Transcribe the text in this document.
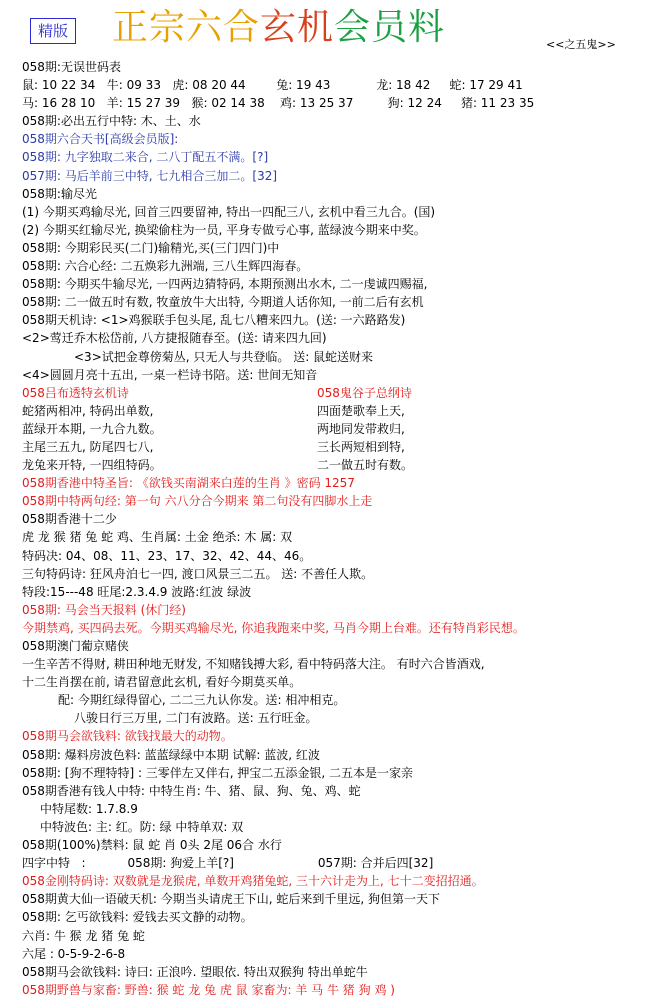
精版 正宗六合玄机会员料	<<之五鬼>>
058期:无误世码表
鼠: 10 22 34   牛: 09 33   虎: 08 20 44        兔: 19 43            龙: 18 42     蛇: 17 29 41
马: 16 28 10   羊: 15 27 39   猴: 02 14 38    鸡: 13 25 37         狗: 12 24     猪: 11 23 35
058期:必出五行中特: 木、土、水
058期六合天书[高级会员版]:
058期: 九字独取二来合, 二八丁配五不满。[?]
057期: 马后羊前三中特, 七九相合三加二。[32]
058期:输尽光
(1) 今期买鸡输尽光, 回首三四要留神, 特出一四配三八, 玄机中看三九合。(国)
(2) 今期买红输尽光, 换梁偷柱为一员, 平身专做亏心事, 蓝绿波今期来中奖。
058期: 今期彩民买(二门)输精光,买(三门四门)中
058期: 六合心经: 二五焕彩九洲端, 三八生辉四海春。
058期: 今期买牛输尽光, 一四两边猜特码, 本期预测出水木, 二一虔诚四赐福,
058期: 二一做五时有数, 牧童放牛大出特, 今期道人话你知, 一前二后有玄机
058期天机诗: <1>鸡猴联手包头尾, 乱七八糟来四九。(送: 一六路路发)
<2>莺迁乔木松岱前, 八方捷报随春至。(送: 请来四九回)
<3>试把金尊傍菊丛, 只无人与共登临。 送: 鼠蛇送财来
<4>圆圆月亮十五出, 一桌一栏诗书陪。送: 世间无知音
058吕布透特玄机诗	058鬼谷子总纲诗
蛇猪两相冲, 特码出单数,	四面楚歌奉上天,
蓝绿开本期, 一九合九数。	两地同发带救归,
主尾三五九, 防尾四七八,	三长两短相到特,
龙兔来开特, 一四组特码。	二一做五时有数。
058期香港中特圣旨: 《欲钱买南湖来白莲的生肖 》密码 1257
058期中特两句经: 第一句 六八分合今期来 第二句没有四脚水上走
058期香港十二少
虎 龙 猴 猪 兔 蛇 鸡、生肖属: 土金 绝杀: 木 属: 双
特码决: 04、08、11、23、17、32、42、44、46。
三句特码诗: 狂风舟泊七一四, 渡口风景三二五。 送: 不善任人欺。
特段:15---48 旺尾:2.3.4.9 波路:红波 绿波
058期: 马会当天报料 (休门经)
今期禁鸡, 买四码去死。今期买鸡输尽光, 你追我跑来中奖, 马肖今期上台难。还有特肖彩民想。
058期澳门葡京赌侠
一生辛苦不得财, 耕田种地无财发, 不知赌钱搏大彩, 看中特码落大注。 有时六合皆酒戏,
十二生肖摆在前, 请君留意此玄机, 看好今期莫买单。
配: 今期红绿得留心, 二二三九认你发。送: 相冲相克。
八骏日行三万里, 二门有波路。送: 五行旺金。
058期马会欲钱料: 欲钱找最大的动物。
058期: 爆料房波色料: 蓝蓝绿绿中本期 试解: 蓝波, 红波
058期: [狗不理特特] : 三零伴左又伴右, 押宝二五添金银, 二五本是一家亲
058期香港有钱人中特: 中特生肖: 牛、猪、鼠、狗、兔、鸡、蛇
中特尾数: 1.7.8.9
中特波色: 主: 红。防: 绿 中特单双: 双
058期(100%)禁料: 鼠 蛇 肖 0头 2尾 06合 水行
四字中特   :           058期: 狗爱上羊[?]                      057期: 合并后四[32]
058金刚特码诗: 双数就是龙猴虎, 单数开鸡猪兔蛇, 三十六计走为上, 七十二变招招通。
058期黄大仙一语破天机: 今期当头请虎王下山, 蛇后来到千里远, 狗但第一天下
058期: 乞丐欲钱料: 爱钱去买文静的动物。
六肖: 牛 猴 龙 猪 兔 蛇
六尾 : 0-5-9-2-6-8
058期马会欲钱料: 诗曰: 正浪吟. 望眼依. 特出双猴狗 特出单蛇牛
058期野兽与家畜: 野兽: 猴 蛇 龙 兔 虎 鼠 家畜为: 羊 马 牛 猪 狗 鸡 )
